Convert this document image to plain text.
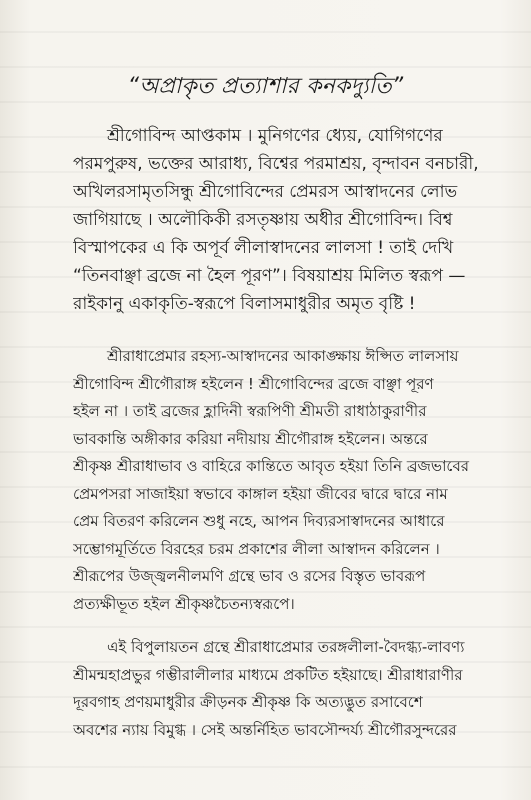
“অপ্রাকৃত প্রত্যাশার কনকদ্যুতি”
শ্রীগোবিন্দ আপ্তকাম । মুনিগণের ধ্যেয়, যোগিগণের
পরমপুরুষ, ভক্তের আরাধ্য, বিশ্বের পরমাশ্রয়, বৃন্দাবন বনচারী,
অখিলরসামৃতসিন্ধু শ্রীগোবিন্দের প্রেমরস আস্বাদনের লোভ
জাগিয়াছে । অলৌকিকী রসতৃষ্ণায় অধীর শ্রীগোবিন্দ। বিশ্ব
বিস্মাপকের এ কি অপূর্ব লীলাস্বাদনের লালসা ! তাই দেখি
“তিনবাঞ্ছা ব্রজে না হৈল পূরণ”। বিষয়াশ্রয় মিলিত স্বরূপ —
রাইকানু একাকৃতি-স্বরূপে বিলাসমাধুরীর অমৃত বৃষ্টি !
শ্রীরাধাপ্রেমার রহস্য-আস্বাদনের আকাঙ্ক্ষায় ঈপ্সিত লালসায়
শ্রীগোবিন্দ শ্রীগৌরাঙ্গ হইলেন ! শ্রীগোবিন্দের ব্রজে বাঞ্ছা পূরণ
হইল না । তাই ব্রজের হ্লাদিনী স্বরূপিণী শ্রীমতী রাধাঠাকুরাণীর
ভাবকান্তি অঙ্গীকার করিয়া নদীয়ায় শ্রীগৌরাঙ্গ হইলেন। অন্তরে
শ্রীকৃষ্ণ শ্রীরাধাভাব ও বাহিরে কান্তিতে আবৃত হইয়া তিনি ব্রজভাবের
প্রেমপসরা সাজাইয়া স্বভাবে কাঙ্গাল হইয়া জীবের দ্বারে দ্বারে নাম
প্রেম বিতরণ করিলেন শুধু নহে, আপন দিব্যরসাস্বাদনের আধারে
সম্ভোগমূর্তিতে বিরহের চরম প্রকাশের লীলা আস্বাদন করিলেন ।
শ্রীরূপের উজ্জ্বলনীলমণি গ্রন্থে ভাব ও রসের বিস্তৃত ভাবরূপ
প্রত্যক্ষীভূত হইল শ্রীকৃষ্ণচৈতন্যস্বরূপে।
এই বিপুলায়তন গ্রন্থে শ্রীরাধাপ্রেমার তরঙ্গলীলা-বৈদগ্ধ্য-লাবণ্য
শ্রীমন্মহাপ্রভুর গম্ভীরালীলার মাধ্যমে প্রকটিত হইয়াছে। শ্রীরাধারাণীর
দূরবগাহ প্রণয়মাধুরীর ক্রীড়নক শ্রীকৃষ্ণ কি অত্যদ্ভুত রসাবেশে
অবশের ন্যায় বিমুগ্ধ । সেই অন্তর্নিহিত ভাবসৌন্দর্য্য শ্রীগৌরসুন্দরের
